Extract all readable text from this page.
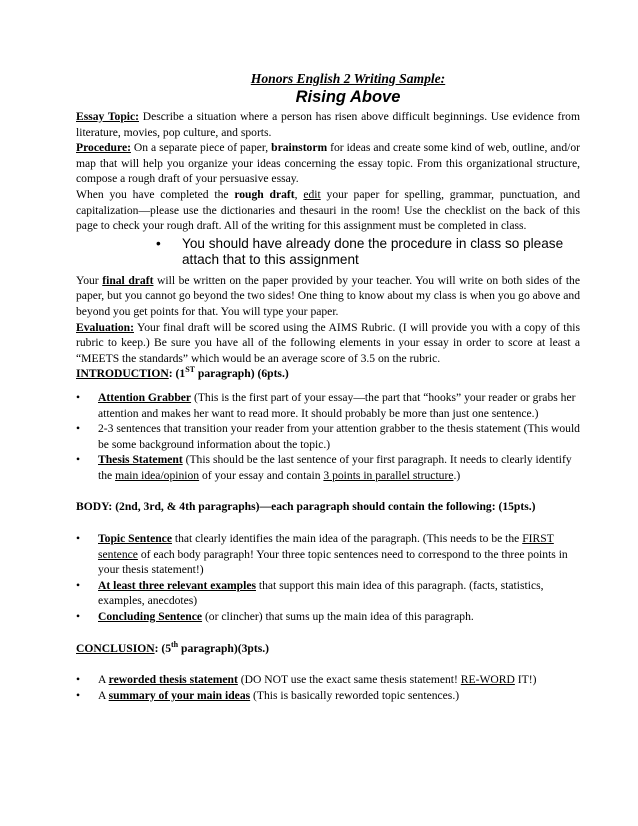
Honors English 2 Writing Sample:
Rising Above

Essay Topic: Describe a situation where a person has risen above difficult beginnings. Use evidence from literature, movies, pop culture, and sports.

Procedure: On a separate piece of paper, brainstorm for ideas and create some kind of web, outline, and/or map that will help you organize your ideas concerning the essay topic. From this organizational structure, compose a rough draft of your persuasive essay.

When you have completed the rough draft, edit your paper for spelling, grammar, punctuation, and capitalization—please use the dictionaries and thesauri in the room! Use the checklist on the back of this page to check your rough draft. All of the writing for this assignment must be completed in class.

•	You should have already done the procedure in class so please attach that to this assignment

Your final draft will be written on the paper provided by your teacher. You will write on both sides of the paper, but you cannot go beyond the two sides! One thing to know about my class is when you go above and beyond you get points for that. You will type your paper.

Evaluation: Your final draft will be scored using the AIMS Rubric. (I will provide you with a copy of this rubric to keep.) Be sure you have all of the following elements in your essay in order to score at least a “MEETS the standards” which would be an average score of 3.5 on the rubric.

INTRODUCTION: (1ST paragraph) (6pts.)
•	Attention Grabber (This is the first part of your essay—the part that “hooks” your reader or grabs her attention and makes her want to read more. It should probably be more than just one sentence.)
•	2-3 sentences that transition your reader from your attention grabber to the thesis statement (This would be some background information about the topic.)
•	Thesis Statement (This should be the last sentence of your first paragraph. It needs to clearly identify the main idea/opinion of your essay and contain 3 points in parallel structure.)
BODY: (2nd, 3rd, & 4th paragraphs)—each paragraph should contain the following: (15pts.)
•	Topic Sentence that clearly identifies the main idea of the paragraph. (This needs to be the FIRST sentence of each body paragraph! Your three topic sentences need to correspond to the three points in your thesis statement!)
•	At least three relevant examples that support this main idea of this paragraph. (facts, statistics, examples, anecdotes)
•	Concluding Sentence (or clincher) that sums up the main idea of this paragraph.
CONCLUSION: (5th paragraph)(3pts.)
•	A reworded thesis statement (DO NOT use the exact same thesis statement! RE-WORD IT!)
•	A summary of your main ideas (This is basically reworded topic sentences.)
